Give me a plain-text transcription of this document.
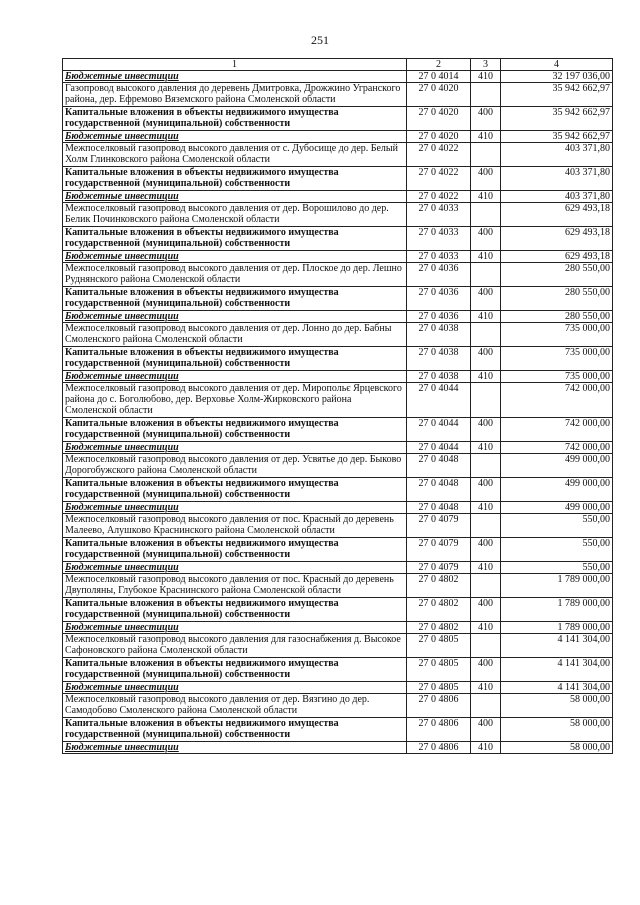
251
1	2	3	4
Бюджетные инвестиции	27 0 4014	410	32 197 036,00
Газопровод высокого давления до деревень Дмитровка, Дрожжино Угранского района, дер. Ефремово Вяземского района Смоленской области	27 0 4020		35 942 662,97
Капитальные вложения в объекты недвижимого имущества государственной (муниципальной) собственности	27 0 4020	400	35 942 662,97
Бюджетные инвестиции	27 0 4020	410	35 942 662,97
Межпоселковый газопровод высокого давления от с. Дубосище до дер. Белый Холм Глинковского района Смоленской области	27 0 4022		403 371,80
Капитальные вложения в объекты недвижимого имущества государственной (муниципальной) собственности	27 0 4022	400	403 371,80
Бюджетные инвестиции	27 0 4022	410	403 371,80
Межпоселковый газопровод высокого давления от дер. Ворошилово до дер. Белик Починковского района Смоленской области	27 0 4033		629 493,18
Капитальные вложения в объекты недвижимого имущества государственной (муниципальной) собственности	27 0 4033	400	629 493,18
Бюджетные инвестиции	27 0 4033	410	629 493,18
Межпоселковый газопровод высокого давления от дер. Плоское до дер. Лешно Руднянского района Смоленской области	27 0 4036		280 550,00
Капитальные вложения в объекты недвижимого имущества государственной (муниципальной) собственности	27 0 4036	400	280 550,00
Бюджетные инвестиции	27 0 4036	410	280 550,00
Межпоселковый газопровод высокого давления от дер. Лонно до дер. Бабны Смоленского района Смоленской области	27 0 4038		735 000,00
Капитальные вложения в объекты недвижимого имущества государственной (муниципальной) собственности	27 0 4038	400	735 000,00
Бюджетные инвестиции	27 0 4038	410	735 000,00
Межпоселковый газопровод высокого давления от дер. Миропольє Ярцевского района до с. Боголюбово, дер. Верховье Холм-Жирковского района Смоленской области	27 0 4044		742 000,00
Капитальные вложения в объекты недвижимого имущества государственной (муниципальной) собственности	27 0 4044	400	742 000,00
Бюджетные инвестиции	27 0 4044	410	742 000,00
Межпоселковый газопровод высокого давления от дер. Усвятье до дер. Быково Дорогобужского района Смоленской области	27 0 4048		499 000,00
Капитальные вложения в объекты недвижимого имущества государственной (муниципальной) собственности	27 0 4048	400	499 000,00
Бюджетные инвестиции	27 0 4048	410	499 000,00
Межпоселковый газопровод высокого давления от пос. Красный до деревень Малеево, Алушково Краснинского района Смоленской области	27 0 4079		550,00
Капитальные вложения в объекты недвижимого имущества государственной (муниципальной) собственности	27 0 4079	400	550,00
Бюджетные инвестиции	27 0 4079	410	550,00
Межпоселковый газопровод высокого давления от пос. Красный до деревень Двуполяны, Глубокое Краснинского района Смоленской области	27 0 4802		1 789 000,00
Капитальные вложения в объекты недвижимого имущества государственной (муниципальной) собственности	27 0 4802	400	1 789 000,00
Бюджетные инвестиции	27 0 4802	410	1 789 000,00
Межпоселковый газопровод высокого давления для газоснабжения д. Высокое Сафоновского района Смоленской области	27 0 4805		4 141 304,00
Капитальные вложения в объекты недвижимого имущества государственной (муниципальной) собственности	27 0 4805	400	4 141 304,00
Бюджетные инвестиции	27 0 4805	410	4 141 304,00
Межпоселковый газопровод высокого давления от дер. Вязгино до дер. Самодобово Смоленского района Смоленской области	27 0 4806		58 000,00
Капитальные вложения в объекты недвижимого имущества государственной (муниципальной) собственности	27 0 4806	400	58 000,00
Бюджетные инвестиции	27 0 4806	410	58 000,00
